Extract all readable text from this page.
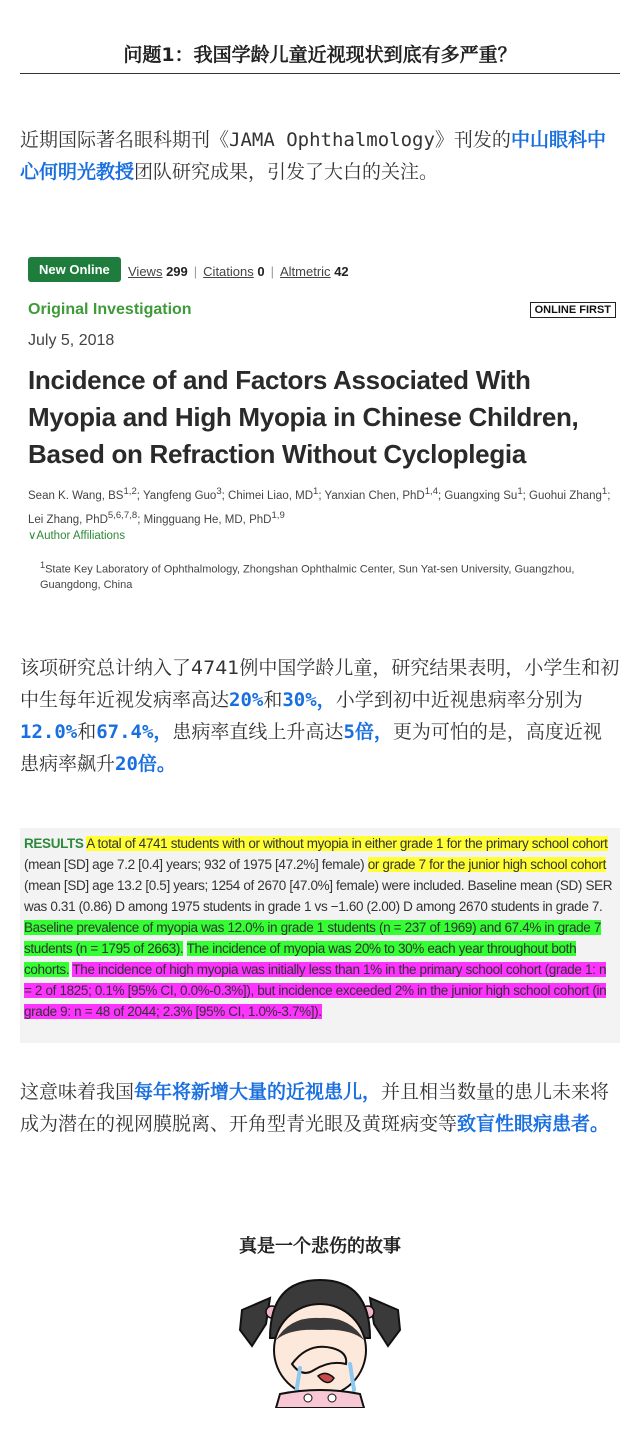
问题1：我国学龄儿童近视现状到底有多严重？
近期国际著名眼科期刊《JAMA Ophthalmology》刊发的中山眼科中心何明光教授团队研究成果，引发了大白的关注。
New Online	Views 299 | Citations 0 | Altmetric 42
Original Investigation	ONLINE FIRST
July 5, 2018
Incidence of and Factors Associated With Myopia and High Myopia in Chinese Children, Based on Refraction Without Cycloplegia
Sean K. Wang, BS$^{1,2}$; Yangfeng Guo$^3$; Chimei Liao, $MD^1$; Yanxian Chen, PhD$^{1,4}$; Guangxing Su$^1$; Guohui Zhang$^1$;
Lei Zhang, PhD$^{5,6,7,8}$; Mingguang He, MD, PhD$^{1,9}$
∨Author Affiliations
$^1$State Key Laboratory of Ophthalmology, Zhongshan Ophthalmic Center, Sun Yat-sen University, Guangzhou, Guangdong, China
该项研究总计纳入了4741例中国学龄儿童，研究结果表明，小学生和初中生每年近视发病率高达20%和30%，小学到初中近视患病率分别为12.0%和67.4%，患病率直线上升高达5倍，更为可怕的是，高度近视患病率飙升20倍。
RESULTS A total of 4741 students with or without myopia in either grade 1 for the primary school cohort (mean [SD] age 7.2 [0.4] years; 932 of 1975 [47.2%] female) or grade 7 for the junior high school cohort (mean [SD] age 13.2 [0.5] years; 1254 of 2670 [47.0%] female) were included. Baseline mean (SD) SER was 0.31 (0.86) D among 1975 students in grade 1 vs −1.60 (2.00) D among 2670 students in grade 7. Baseline prevalence of myopia was 12.0% in grade 1 students (n = 237 of 1969) and 67.4% in grade 7 students (n = 1795 of 2663). The incidence of myopia was 20% to 30% each year throughout both cohorts. The incidence of high myopia was initially less than 1% in the primary school cohort (grade 1: n = 2 of 1825; 0.1% [95% CI, 0.0%-0.3%]), but incidence exceeded 2% in the junior high school cohort (in grade 9: n = 48 of 2044; 2.3% [95% CI, 1.0%-3.7%]).
这意味着我国每年将新增大量的近视患儿，并且相当数量的患儿未来将成为潜在的视网膜脱离、开角型青光眼及黄斑病变等致盲性眼病患者。
真是一个悲伤的故事
